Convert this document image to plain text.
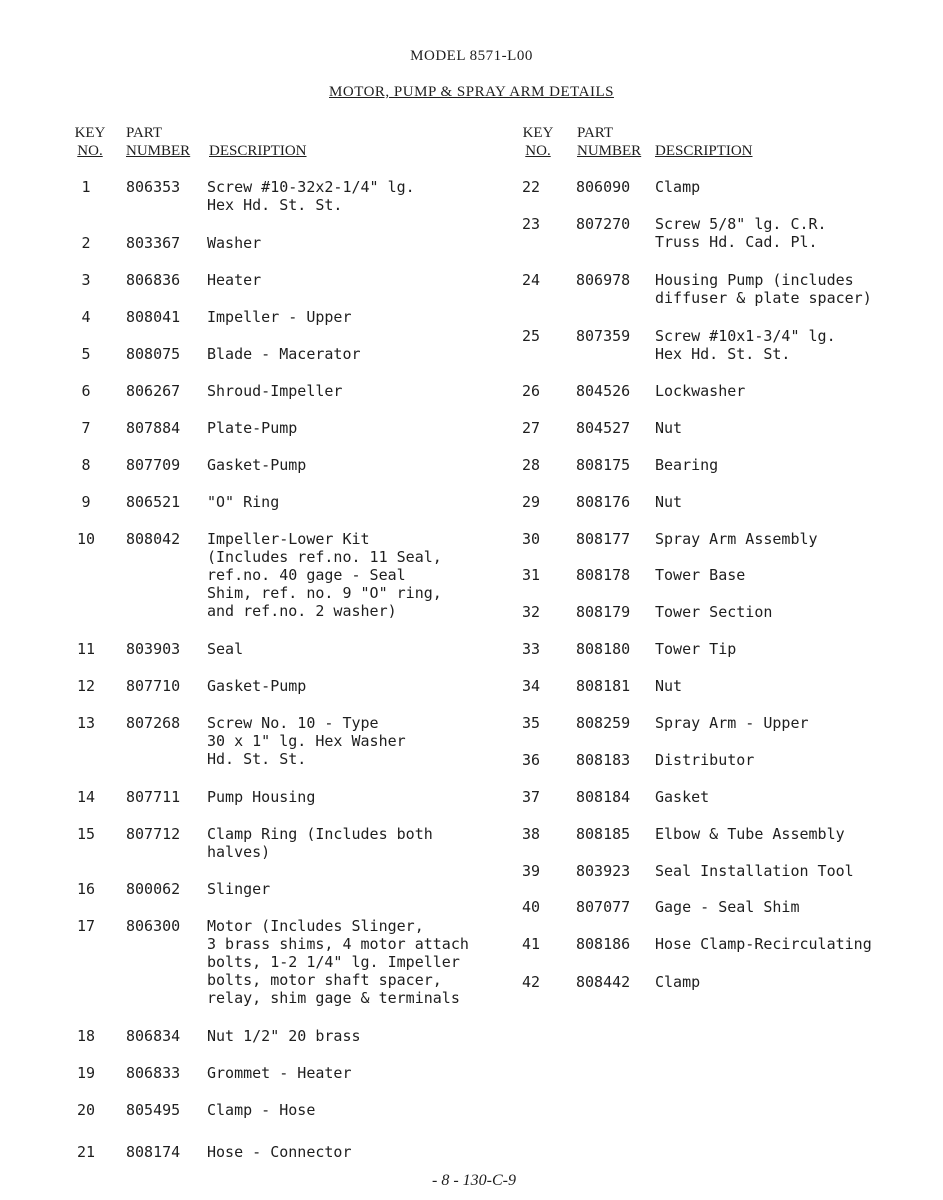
MODEL 8571-L00
MOTOR, PUMP & SPRAY ARM DETAILS
KEY
NO.
PART
NUMBER
DESCRIPTION
KEY
NO.
PART
NUMBER
DESCRIPTION
1	806353 Screw #10-32x2-1/4" lg.
Hex Hd. St. St.
2	803367 Washer
3	806836 Heater
4	808041 Impeller - Upper
5	808075 Blade - Macerator
6	806267 Shroud-Impeller
7	807884 Plate-Pump
8	807709 Gasket-Pump
9	806521 "O" Ring
10	808042 Impeller-Lower Kit
(Includes ref.no. 11 Seal,
ref.no. 40 gage - Seal
Shim, ref. no. 9 "O" ring,
and ref.no. 2 washer)
11	803903 Seal
12	807710 Gasket-Pump
13	807268 Screw No. 10 - Type
30 x 1" lg. Hex Washer
Hd. St. St.
14	807711 Pump Housing
15	807712 Clamp Ring (Includes both
halves)
16	800062 Slinger
17	806300 Motor (Includes Slinger,
3 brass shims, 4 motor attach
bolts, 1-2 1/4" lg. Impeller
bolts, motor shaft spacer,
relay, shim gage & terminals
18	806834 Nut 1/2" 20 brass
19	806833 Grommet - Heater
20	805495 Clamp - Hose
21	808174 Hose - Connector
22	806090 Clamp
23	807270 Screw 5/8" lg. C.R.
Truss Hd. Cad. Pl.
24	806978 Housing Pump (includes
diffuser & plate spacer)
25	807359 Screw #10x1-3/4" lg.
Hex Hd. St. St.
26	804526 Lockwasher
27	804527 Nut
28	808175 Bearing
29	808176 Nut
30	808177 Spray Arm Assembly
31	808178 Tower Base
32	808179 Tower Section
33	808180 Tower Tip
34	808181 Nut
35	808259 Spray Arm - Upper
36	808183 Distributor
37	808184 Gasket
38	808185 Elbow & Tube Assembly
39	803923 Seal Installation Tool
40	807077 Gage - Seal Shim
41	808186 Hose Clamp-Recirculating
42	808442 Clamp
- 8 - 130-C-9
